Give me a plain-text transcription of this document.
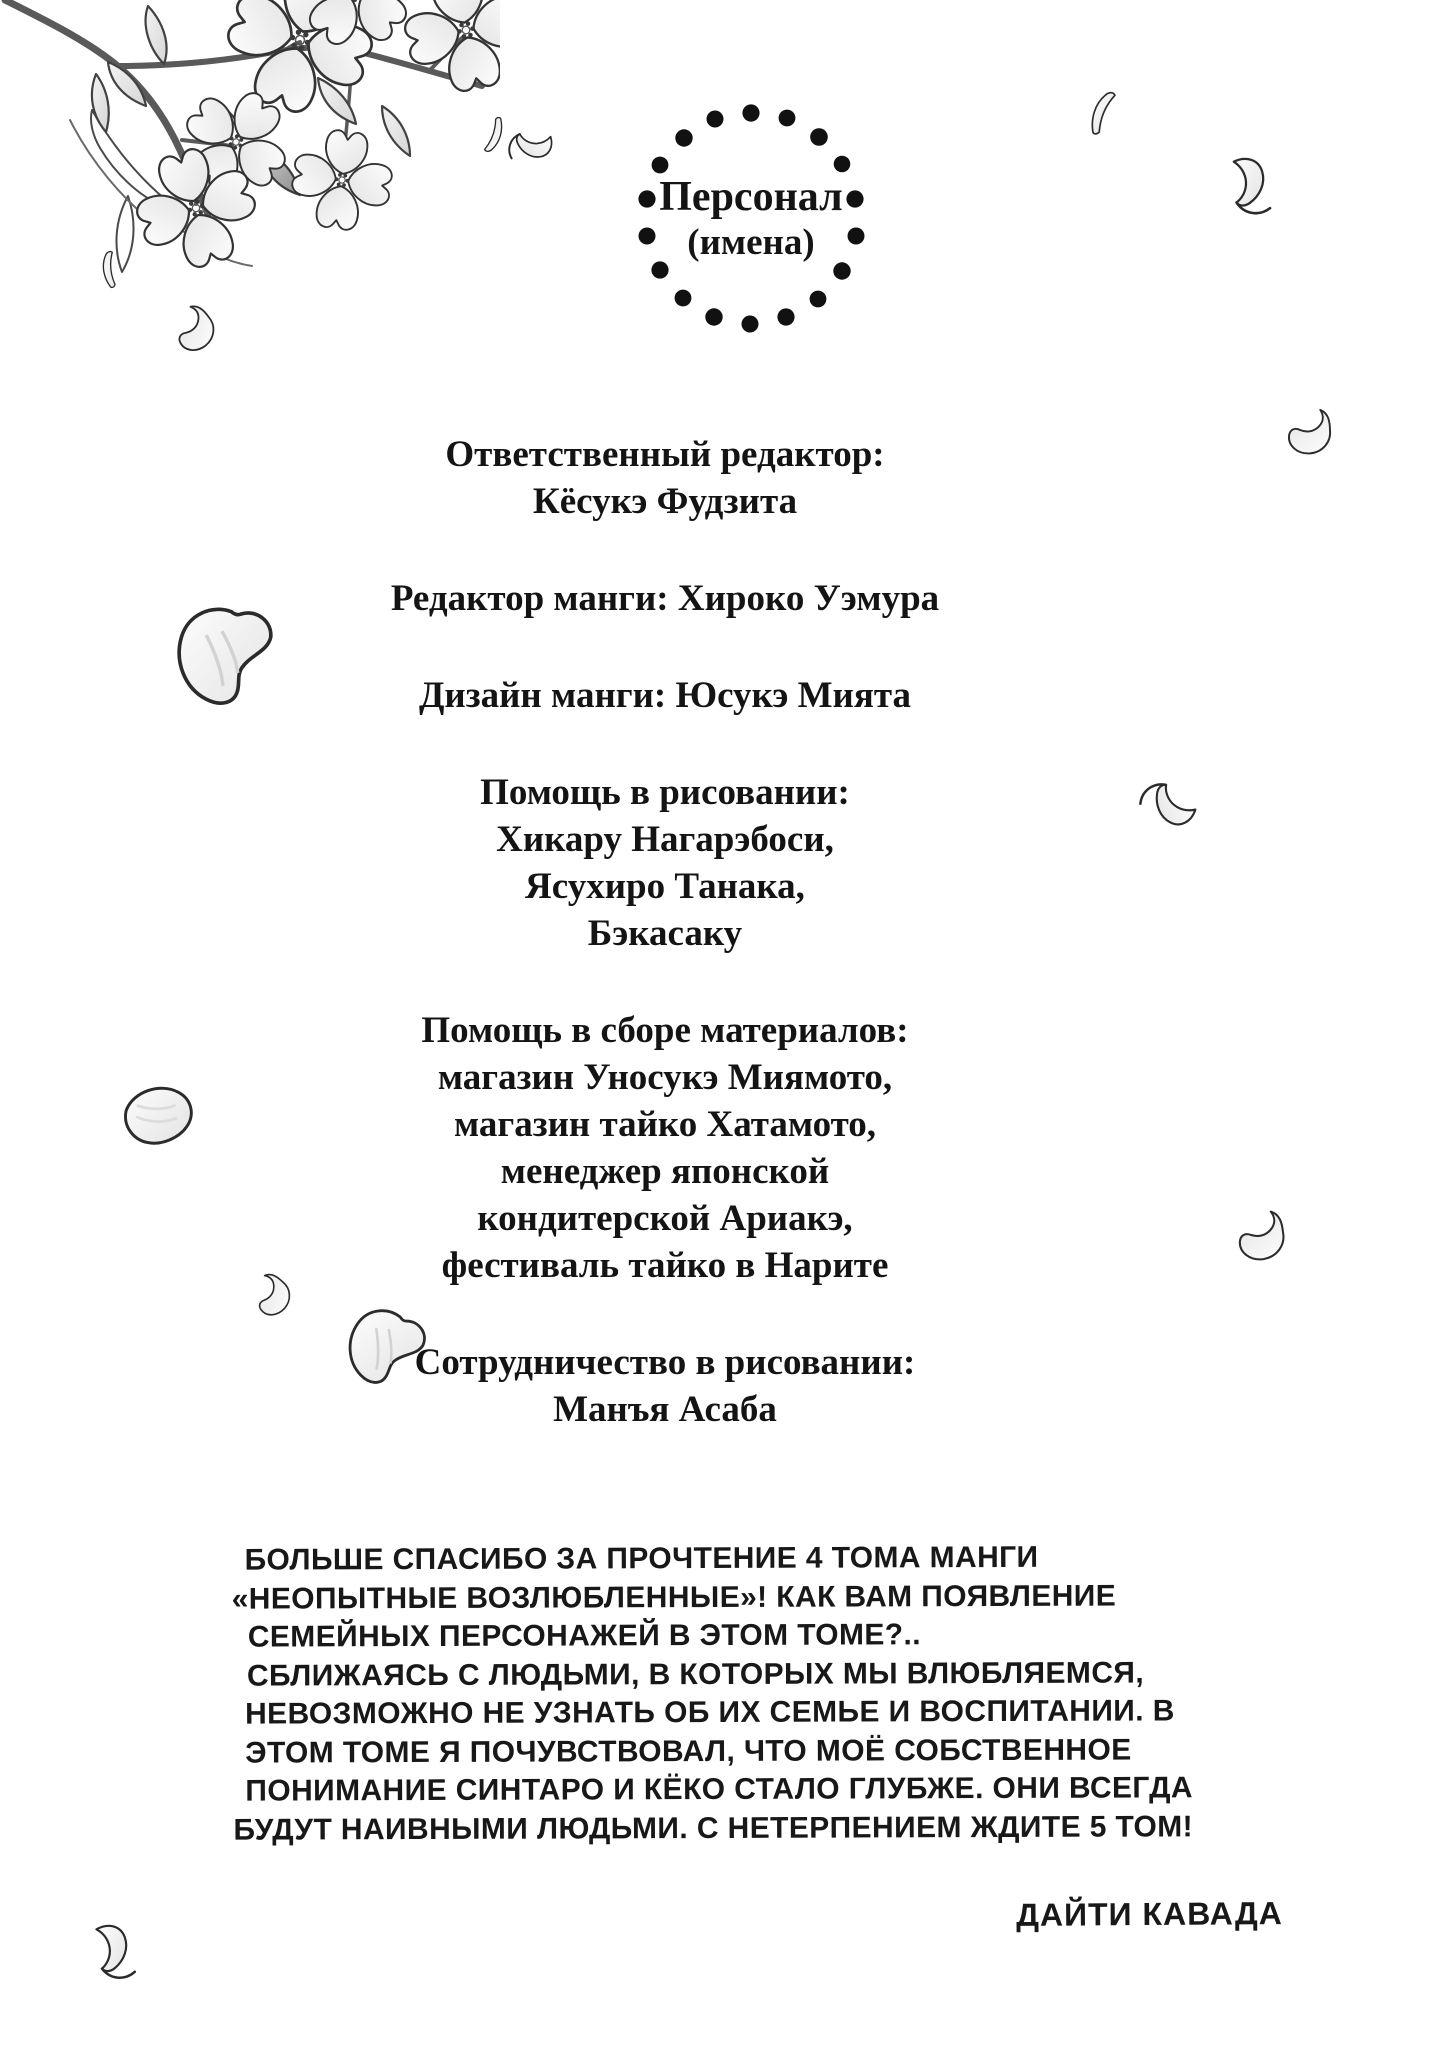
Персонал
(имена)
Ответственный редактор:
Кёсукэ Фудзита
Редактор манги: Хироко Уэмура
Дизайн манги: Юсукэ Мията
Помощь в рисовании:
Хикару Нагарэбоси,
Ясухиро Танака,
Бэкасаку
Помощь в сборе материалов:
магазин Уносукэ Миямото,
магазин тайко Хатамото,
менеджер японской
кондитерской Ариакэ,
фестиваль тайко в Нарите
Сотрудничество в рисовании:
Манъя Асаба
БОЛЬШЕ СПАСИБО ЗА ПРОЧТЕНИЕ 4 ТОМА МАНГИ
«НЕОПЫТНЫЕ ВОЗЛЮБЛЕННЫЕ»! КАК ВАМ ПОЯВЛЕНИЕ
СЕМЕЙНЫХ ПЕРСОНАЖЕЙ В ЭТОМ ТОМЕ?..
СБЛИЖАЯСЬ С ЛЮДЬМИ, В КОТОРЫХ МЫ ВЛЮБЛЯЕМСЯ,
НЕВОЗМОЖНО НЕ УЗНАТЬ ОБ ИХ СЕМЬЕ И ВОСПИТАНИИ. В
ЭТОМ ТОМЕ Я ПОЧУВСТВОВАЛ, ЧТО МОЁ СОБСТВЕННОЕ
ПОНИМАНИЕ СИНТАРО И КЁКО СТАЛО ГЛУБЖЕ. ОНИ ВСЕГДА
БУДУТ НАИВНЫМИ ЛЮДЬМИ. С НЕТЕРПЕНИЕМ ЖДИТЕ 5 ТОМ!
ДАЙТИ КАВАДА
